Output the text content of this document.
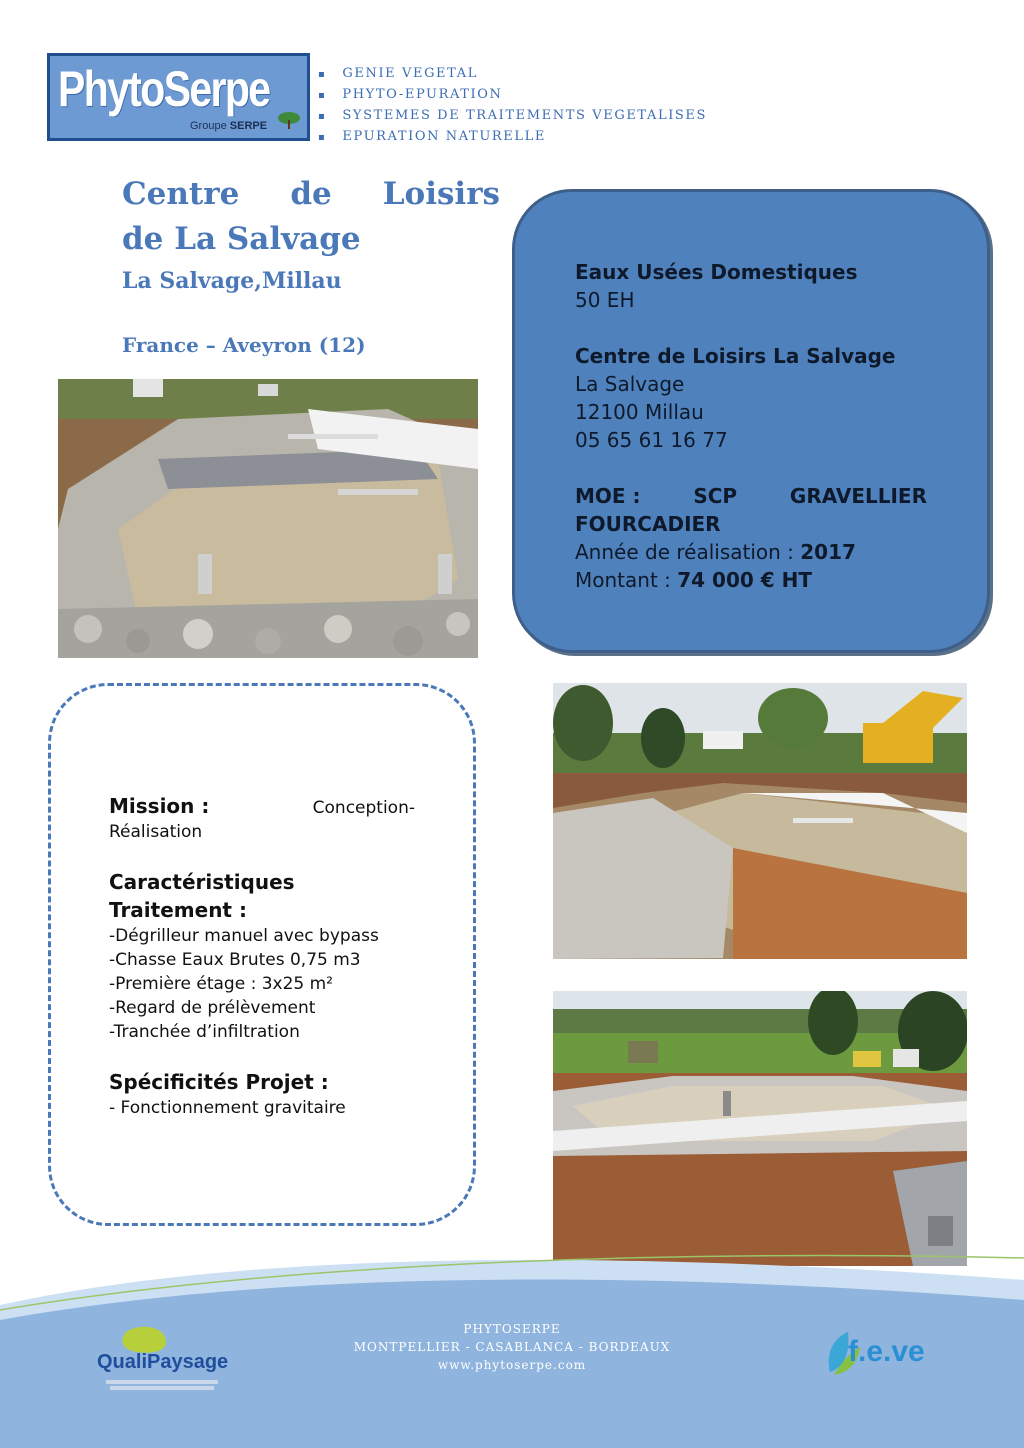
PhytoSerpe
Groupe SERPE
▪ GENIE VEGETAL
▪ PHYTO-EPURATION
▪ SYSTEMES DE TRAITEMENTS VEGETALISES
▪ EPURATION NATURELLE
Centre de Loisirs
de La Salvage
La Salvage,Millau
France – Aveyron (12)

Eaux Usées Domestiques

50 EH

Centre de Loisirs La Salvage

La Salvage

12100 Millau

05 65 61 16 77

MOE :	SCP	GRAVELLIER

FOURCADIER

Année de réalisation : 2017

Montant : 74 000 € HT

Mission :	Conception-

Réalisation

Caractéristiques
Traitement :

-Dégrilleur manuel avec bypass

-Chasse Eaux Brutes 0,75 m3

-Première étage : 3x25 m²

-Regard de prélèvement

-Tranchée d’infiltration

Spécificités Projet :

- Fonctionnement gravitaire

PHYTOSERPE
MONTPELLIER - CASABLANCA - BORDEAUX
www.phytoserpe.com
QualiPaysage	f.e.ve
